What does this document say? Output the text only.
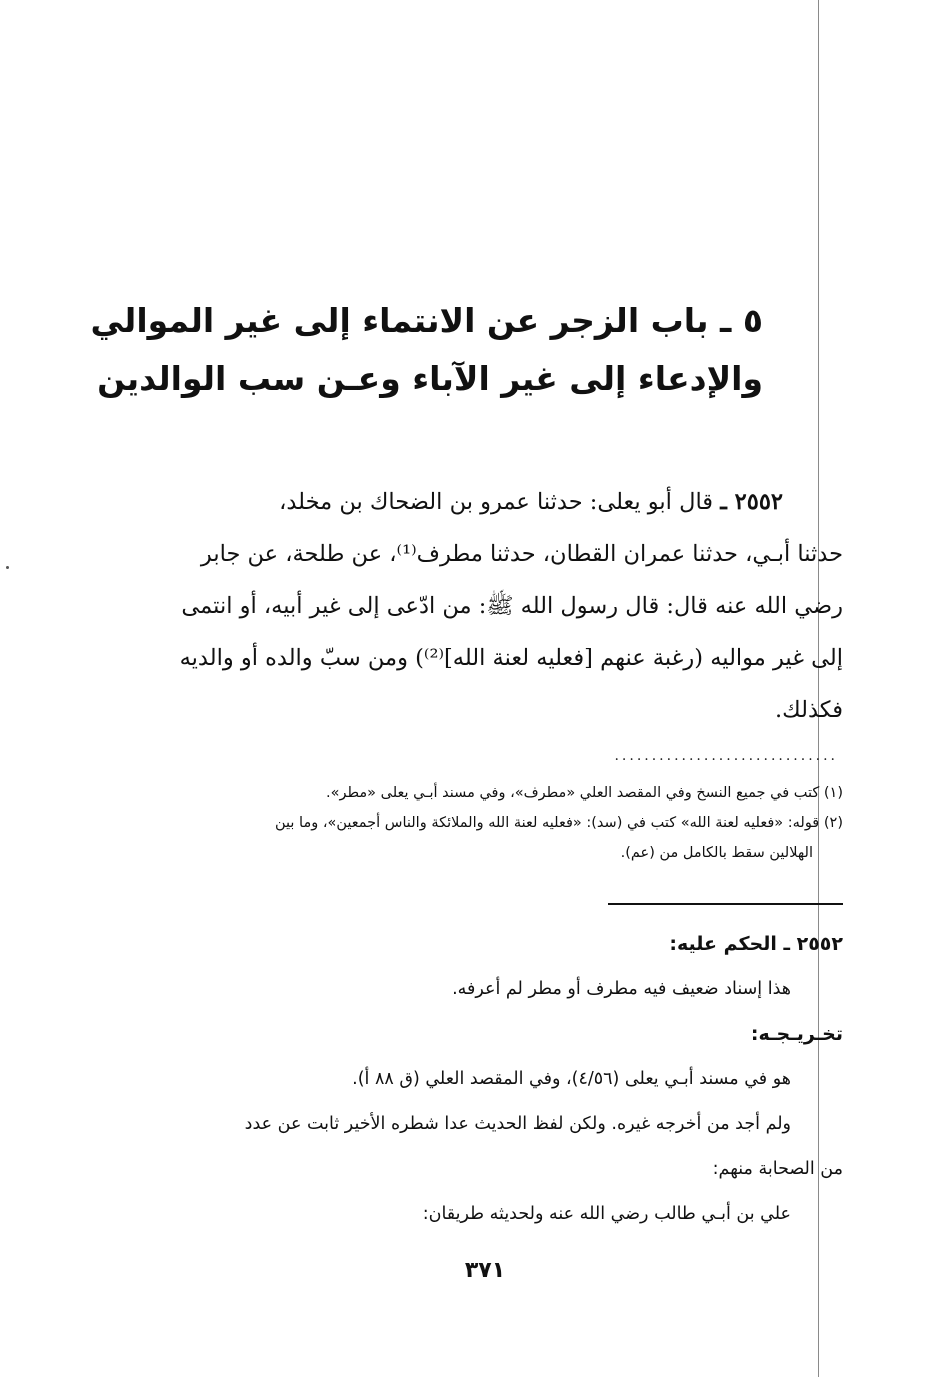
٥ ـ باب الزجر عن الانتماء إلى غير الموالي
والإدعاء إلى غير الآباء وعـن سب الوالدين
٢٥٥٢ ـ قال أبو يعلى: حدثنا عمرو بن الضحاك بن مخلد،
حدثنا أبـي، حدثنا عمران القطان، حدثنا مطرف⁽¹⁾، عن طلحة، عن جابر
رضي الله عنه قال: قال رسول الله ﷺ: من ادّعى إلى غير أبيه، أو انتمى
إلى غير مواليه (رغبة عنهم [فعليه لعنة الله]⁽²⁾) ومن سبّ والده أو والديه
فكذلك.
..............................
(١) كتب في جميع النسخ وفي المقصد العلي «مطرف»، وفي مسند أبـي يعلى «مطر».
(٢) قوله: «فعليه لعنة الله» كتب في (سد): «فعليه لعنة الله والملائكة والناس أجمعين»، وما بين
الهلالين سقط بالكامل من (عم).
٢٥٥٢ ـ الحكم عليه:
هذا إسناد ضعيف فيه مطرف أو مطر لم أعرفه.
تخـريـجـه:
هو في مسند أبـي يعلى (٤/٥٦)، وفي المقصد العلي (ق ٨٨ أ).
ولم أجد من أخرجه غيره. ولكن لفظ الحديث عدا شطره الأخير ثابت عن عدد
من الصحابة منهم:
علي بن أبـي طالب رضي الله عنه ولحديثه طريقان:
٣٧١
